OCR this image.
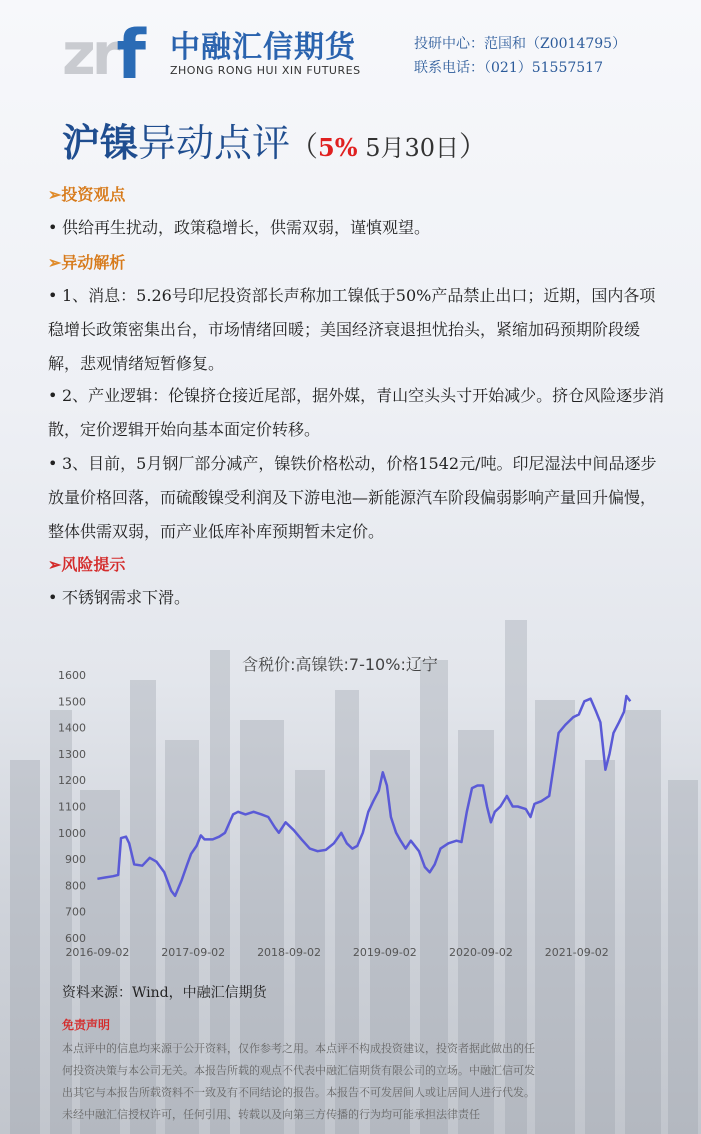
zrf 中融汇信期货
ZHONG RONG HUI XIN FUTURES
投研中心：范国和（Z0014795）
联系电话：（021）51557517
沪镍异动点评（5% 5月30日）
➢投资观点
• 供给再生扰动，政策稳增长，供需双弱，谨慎观望。
➢异动解析
• 1、消息：5.26号印尼投资部长声称加工镍低于50%产品禁止出口；近期，国内各项稳增长政策密集出台，市场情绪回暖；美国经济衰退担忧抬头，紧缩加码预期阶段缓解，悲观情绪短暂修复。
• 2、产业逻辑：伦镍挤仓接近尾部，据外媒，青山空头头寸开始减少。挤仓风险逐步消散，定价逻辑开始向基本面定价转移。
• 3、目前，5月钢厂部分减产，镍铁价格松动，价格1542元/吨。印尼湿法中间品逐步放量价格回落，而硫酸镍受利润及下游电池—新能源汽车阶段偏弱影响产量回升偏慢，整体供需双弱，而产业低库补库预期暂未定价。
➢风险提示
• 不锈钢需求下滑。
含税价:高镍铁:7-10%:辽宁
600
700
800
900
1000
1100
1200
1300
1400
1500
1600
2016-09-02	2017-09-02	2018-09-02	2019-09-02	2020-09-02	2021-09-02
资料来源：Wind，中融汇信期货
免责声明
本点评中的信息均来源于公开资料，仅作参考之用。本点评不构成投资建议，投资者据此做出的任
何投资决策与本公司无关。本报告所载的观点不代表中融汇信期货有限公司的立场。中融汇信可发
出其它与本报告所载资料不一致及有不同结论的报告。本报告不可发居间人或让居间人进行代发。
未经中融汇信授权许可，任何引用、转载以及向第三方传播的行为均可能承担法律责任
